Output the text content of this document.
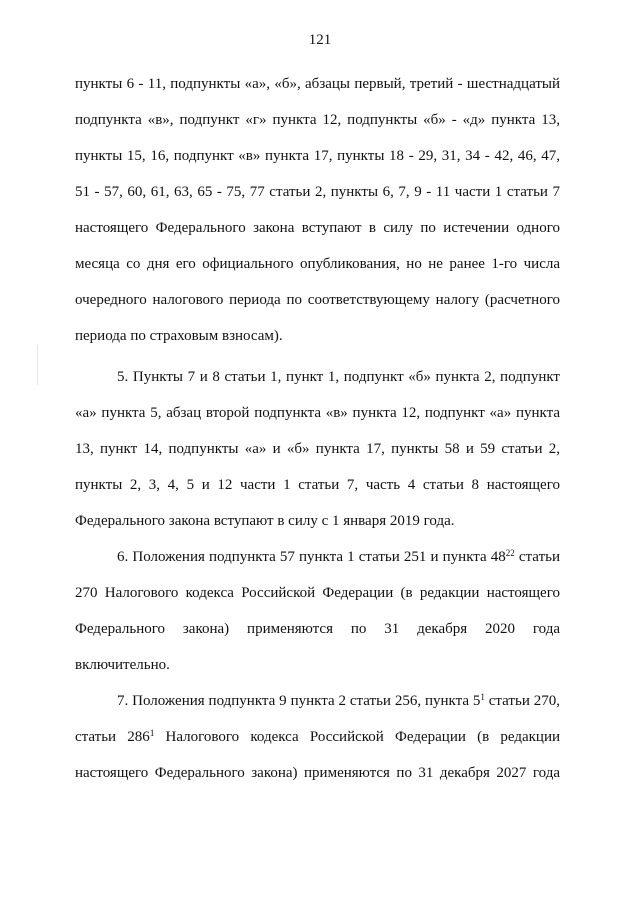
121
пункты 6 - 11, подпункты «а», «б», абзацы первый, третий - шестнадцатый
подпункта «в», подпункт «г» пункта 12, подпункты «б» - «д» пункта 13,
пункты 15, 16, подпункт «в» пункта 17, пункты 18 - 29, 31, 34 - 42, 46, 47,
51 - 57, 60, 61, 63, 65 - 75, 77 статьи 2, пункты 6, 7, 9 - 11 части 1 статьи 7
настоящего Федерального закона вступают в силу по истечении одного
месяца со дня его официального опубликования, но не ранее 1-го числа
очередного налогового периода по соответствующему налогу (расчетного
периода по страховым взносам).
5. Пункты 7 и 8 статьи 1, пункт 1, подпункт «б» пункта 2, подпункт
«а» пункта 5, абзац второй подпункта «в» пункта 12, подпункт «а» пункта
13, пункт 14, подпункты «а» и «б» пункта 17, пункты 58 и 59 статьи 2,
пункты 2, 3, 4, 5 и 12 части 1 статьи 7, часть 4 статьи 8 настоящего
Федерального закона вступают в силу с 1 января 2019 года.
6. Положения подпункта 57 пункта 1 статьи 251 и пункта $48^{22}$ статьи
270 Налогового кодекса Российской Федерации (в редакции настоящего
Федерального закона) применяются по 31 декабря 2020 года
включительно.
7. Положения подпункта 9 пункта 2 статьи 256, пункта $5^1$ статьи 270,
статьи $286^1$ Налогового кодекса Российской Федерации (в редакции
настоящего Федерального закона) применяются по 31 декабря 2027 года
